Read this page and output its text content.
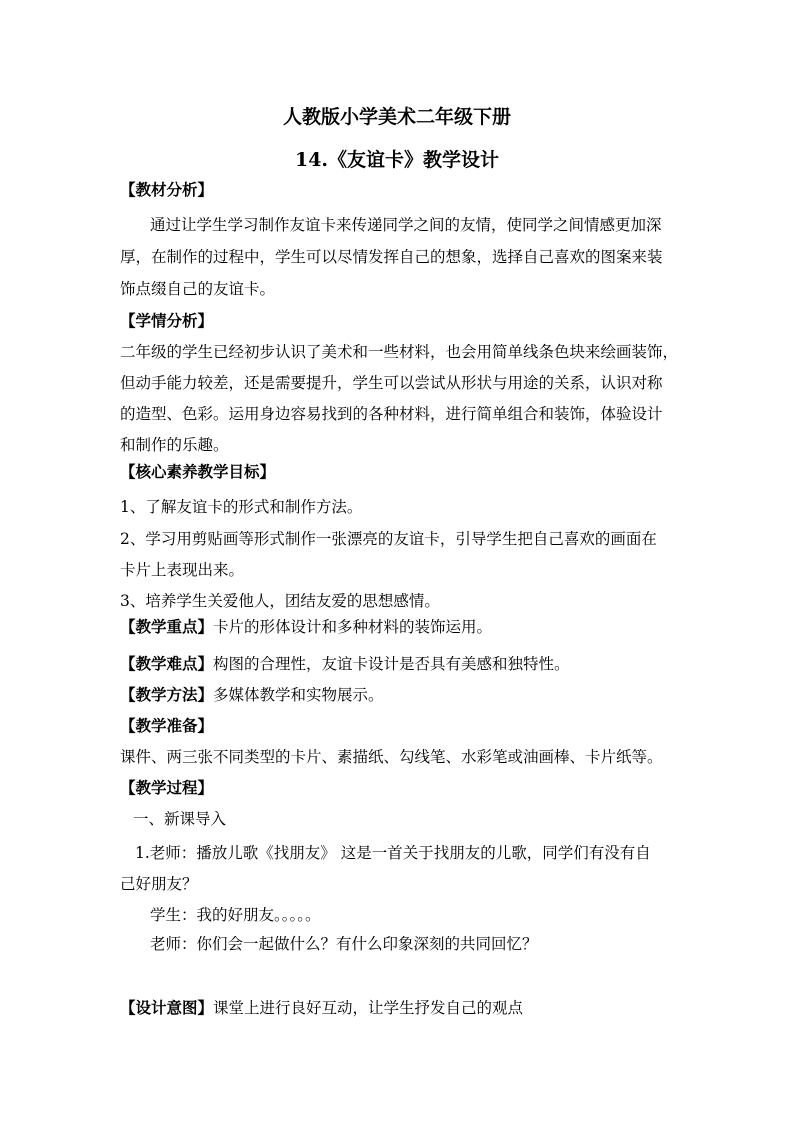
人教版小学美术二年级下册
14.《友谊卡》教学设计
【教材分析】
通过让学生学习制作友谊卡来传递同学之间的友情，使同学之间情感更加深
厚，在制作的过程中，学生可以尽情发挥自己的想象，选择自己喜欢的图案来装
饰点缀自己的友谊卡。
【学情分析】
二年级的学生已经初步认识了美术和一些材料，也会用简单线条色块来绘画装饰，
但动手能力较差，还是需要提升，学生可以尝试从形状与用途的关系，认识对称
的造型、色彩。运用身边容易找到的各种材料，进行简单组合和装饰，体验设计
和制作的乐趣。
【核心素养教学目标】
1、了解友谊卡的形式和制作方法。
2、学习用剪贴画等形式制作一张漂亮的友谊卡，引导学生把自己喜欢的画面在
卡片上表现出来。
3、培养学生关爱他人，团结友爱的思想感情。
【教学重点】卡片的形体设计和多种材料的装饰运用。
【教学难点】构图的合理性，友谊卡设计是否具有美感和独特性。
【教学方法】多媒体教学和实物展示。
【教学准备】
课件、两三张不同类型的卡片、素描纸、勾线笔、水彩笔或油画棒、卡片纸等。
【教学过程】
一、新课导入
1.老师：播放儿歌《找朋友》 这是一首关于找朋友的儿歌，同学们有没有自
己好朋友？
学生：我的好朋友。。。。。
老师：你们会一起做什么？有什么印象深刻的共同回忆？
【设计意图】课堂上进行良好互动，让学生抒发自己的观点
